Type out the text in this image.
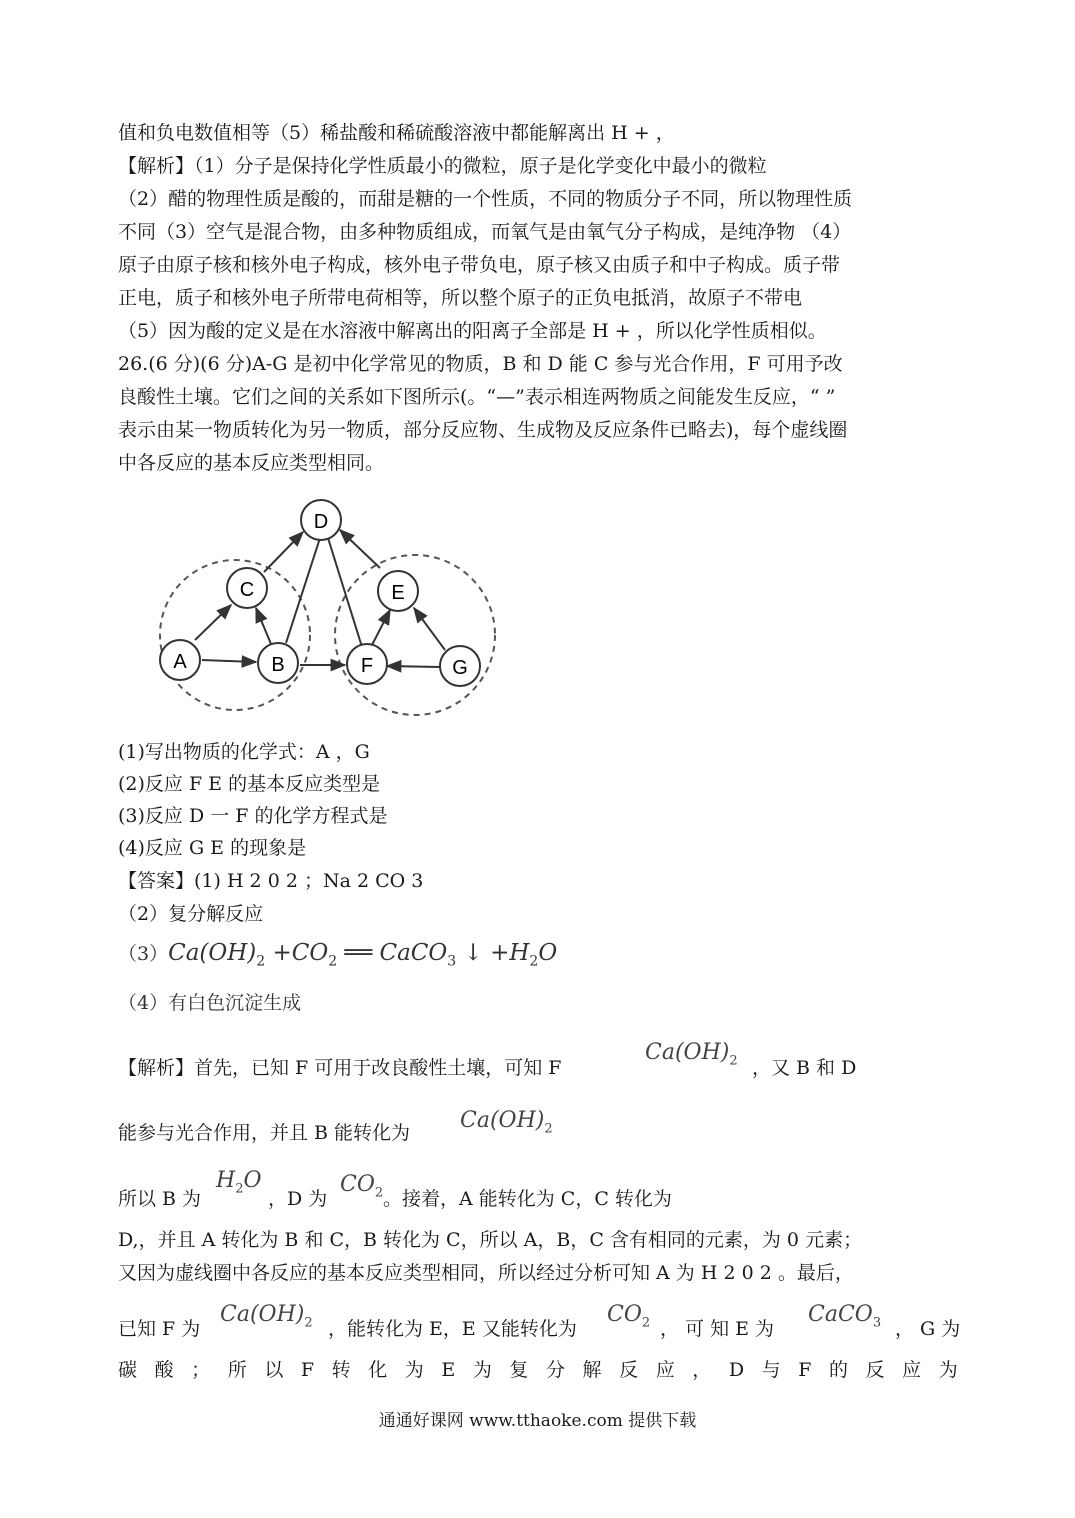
值和负电数值相等（5）稀盐酸和稀硫酸溶液中都能解离出 H + ，
【解析】（1）分子是保持化学性质最小的微粒，原子是化学变化中最小的微粒
（2）醋的物理性质是酸的，而甜是糖的一个性质，不同的物质分子不同，所以物理性质
不同（3）空气是混合物，由多种物质组成，而氧气是由氧气分子构成，是纯净物 （4）
原子由原子核和核外电子构成，核外电子带负电，原子核又由质子和中子构成。质子带
正电，质子和核外电子所带电荷相等，所以整个原子的正负电抵消，故原子不带电
（5）因为酸的定义是在水溶液中解离出的阳离子全部是 H + ，所以化学性质相似。
26.(6 分)(6 分)A-G 是初中化学常见的物质，B 和 D 能 C 参与光合作用，F 可用予改
良酸性土壤。它们之间的关系如下图所示(。“—”表示相连两物质之间能发生反应，“ ”
表示由某一物质转化为另一物质，部分反应物、生成物及反应条件已略去)，每个虚线圈
中各反应的基本反应类型相同。
D
C	E
A	B	F	G
(1)写出物质的化学式：A ，G
(2)反应 F E 的基本反应类型是
(3)反应 D 一 F 的化学方程式是
(4)反应 G E 的现象是
【答案】(1) H 2 0 2 ；Na 2 CO 3
（2）复分解反应
$(3)Ca(OH)_2 +CO_2$ ══ CaCO$_3$ ↓ $+H_2O$
（4）有白色沉淀生成
【解析】首先，已知 F 可用于改良酸性土壤，可知 F
$Ca(OH)_2$ ，又 B 和 D
能参与光合作用，并且 B 能转化为 $Ca(OH)_2$
所以 B 为
$H_2O$
，D 为
$CO_2$ 。接着，A 能转化为 C，C 转化为
D,，并且 A 转化为 B 和 C，B 转化为 C，所以 A，B，C 含有相同的元素，为 0 元素；
又因为虚线圈中各反应的基本反应类型相同，所以经过分析可知 A 为 H 2 0 2 。最后，
已知 F 为
$Ca(OH)_2$ ，能转化为 E，E 又能转化为
$CO_2$ ， 可 知 E 为
CaCO$_3$ ， G 为
碳 酸 ； 所 以 F 转 化 为 E 为 复 分 解 反 应 ， D 与 F 的 反 应 为
通通好课网 www.tthaoke.com 提供下载
